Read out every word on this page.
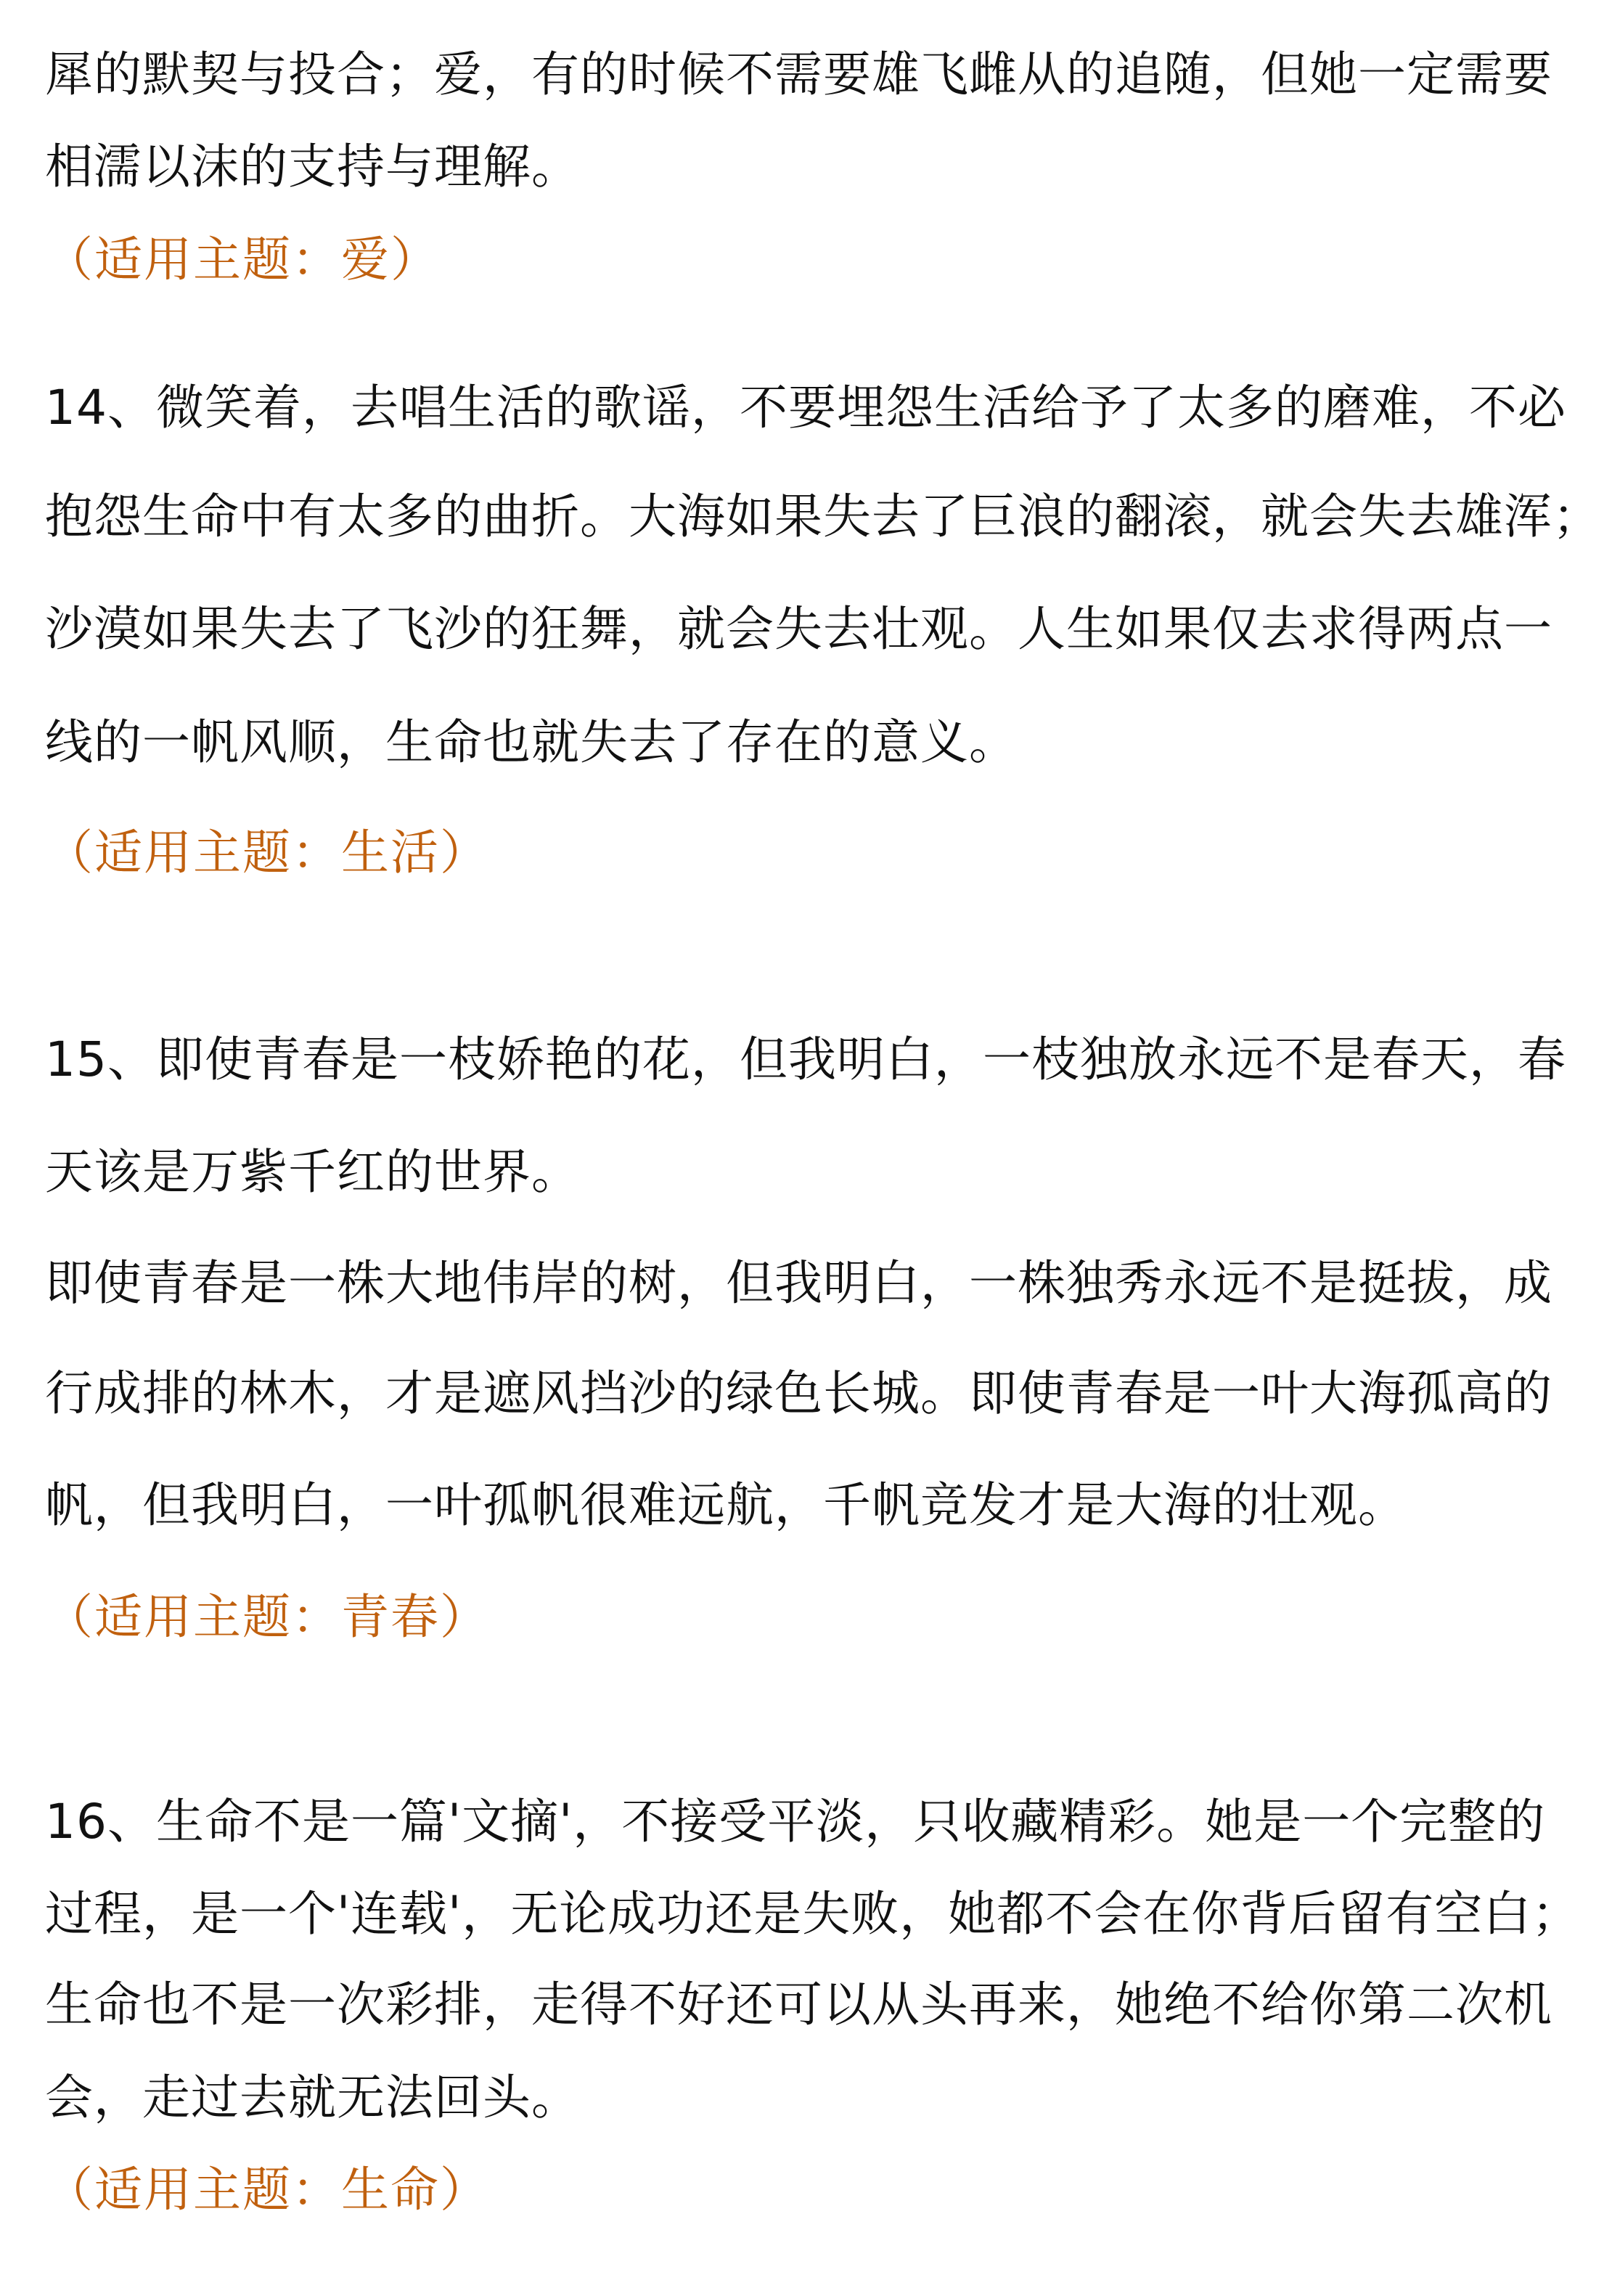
犀的默契与投合；爱，有的时候不需要雄飞雌从的追随，但她一定需要
相濡以沫的支持与理解。
（适用主题：爱）
14、微笑着，去唱生活的歌谣，不要埋怨生活给予了太多的磨难，不必
抱怨生命中有太多的曲折。大海如果失去了巨浪的翻滚，就会失去雄浑；
沙漠如果失去了飞沙的狂舞，就会失去壮观。人生如果仅去求得两点一
线的一帆风顺，生命也就失去了存在的意义。
（适用主题：生活）
15、即使青春是一枝娇艳的花，但我明白，一枝独放永远不是春天，春
天该是万紫千红的世界。
即使青春是一株大地伟岸的树，但我明白，一株独秀永远不是挺拔，成
行成排的林木，才是遮风挡沙的绿色长城。即使青春是一叶大海孤高的
帆，但我明白，一叶孤帆很难远航，千帆竞发才是大海的壮观。
（适用主题：青春）
16、生命不是一篇'文摘'，不接受平淡，只收藏精彩。她是一个完整的
过程，是一个'连载'，无论成功还是失败，她都不会在你背后留有空白；
生命也不是一次彩排，走得不好还可以从头再来，她绝不给你第二次机
会，走过去就无法回头。
（适用主题：生命）
